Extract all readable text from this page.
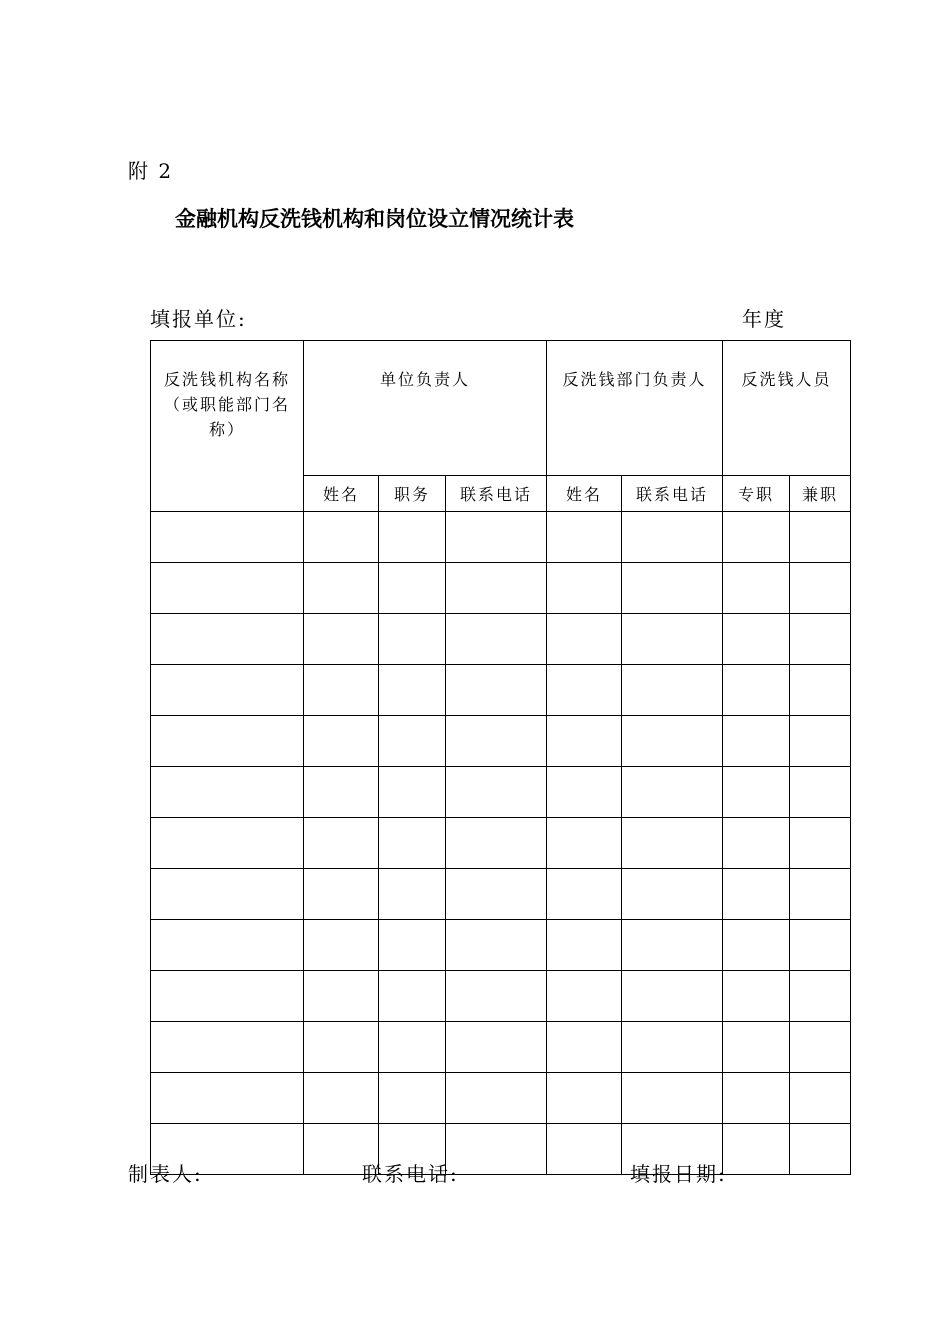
附 2
金融机构反洗钱机构和岗位设立情况统计表
填报单位:	年度
反洗钱机构名称（或职能部门名称）	单位负责人			反洗钱部门负责人		反洗钱人员	
	姓名	职务	联系电话	姓名	联系电话	专职	兼职

制表人:	联系电话:	填报日期:
